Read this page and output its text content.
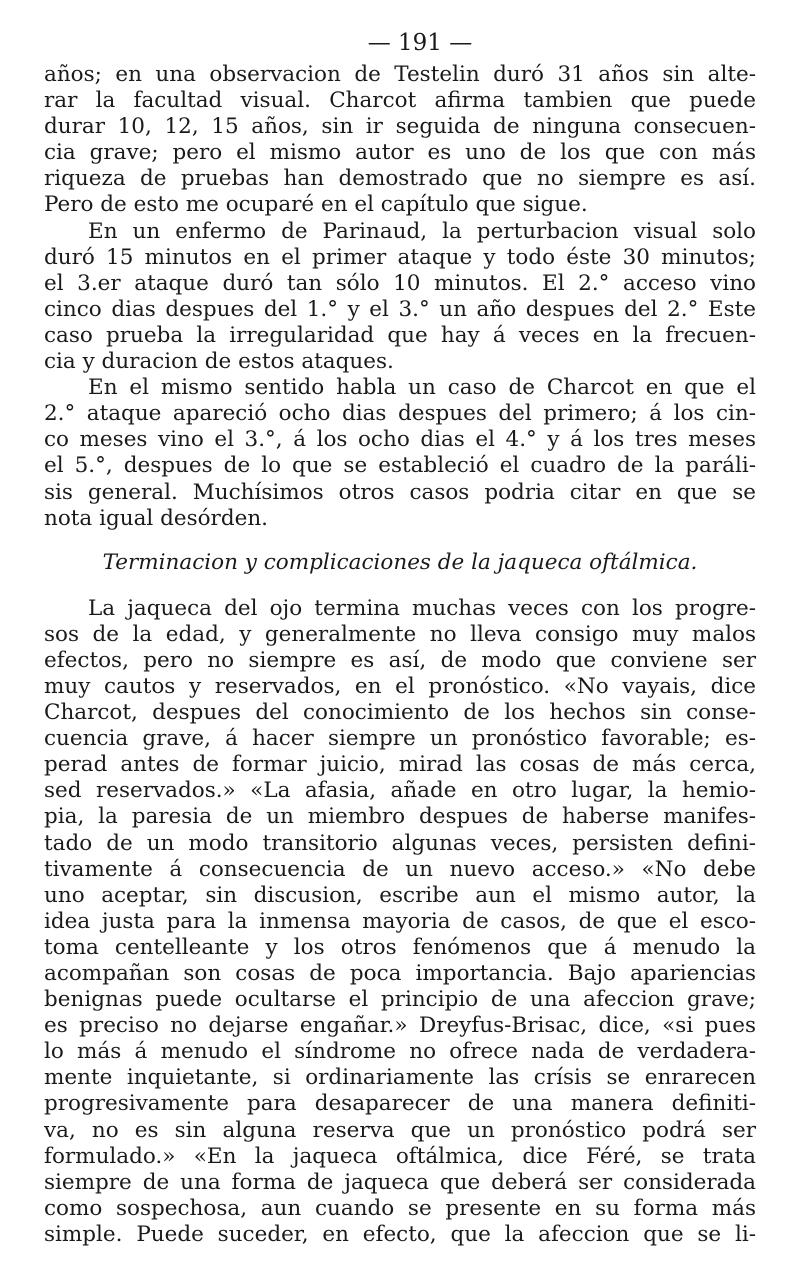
— 191 —
años; en una observacion de Testelin duró 31 años sin alte-
rar la facultad visual. Charcot afirma tambien que puede
durar 10, 12, 15 años, sin ir seguida de ninguna consecuen-
cia grave; pero el mismo autor es uno de los que con más
riqueza de pruebas han demostrado que no siempre es así.
Pero de esto me ocuparé en el capítulo que sigue.
En un enfermo de Parinaud, la perturbacion visual solo
duró 15 minutos en el primer ataque y todo éste 30 minutos;
el 3.er ataque duró tan sólo 10 minutos. El 2.° acceso vino
cinco dias despues del 1.° y el 3.° un año despues del 2.° Este
caso prueba la irregularidad que hay á veces en la frecuen-
cia y duracion de estos ataques.
En el mismo sentido habla un caso de Charcot en que el
2.° ataque apareció ocho dias despues del primero; á los cin-
co meses vino el 3.°, á los ocho dias el 4.° y á los tres meses
el 5.°, despues de lo que se estableció el cuadro de la paráli-
sis general. Muchísimos otros casos podria citar en que se
nota igual desórden.
Terminacion y complicaciones de la jaqueca oftálmica.
La jaqueca del ojo termina muchas veces con los progre-
sos de la edad, y generalmente no lleva consigo muy malos
efectos, pero no siempre es así, de modo que conviene ser
muy cautos y reservados, en el pronóstico. «No vayais, dice
Charcot, despues del conocimiento de los hechos sin conse-
cuencia grave, á hacer siempre un pronóstico favorable; es-
perad antes de formar juicio, mirad las cosas de más cerca,
sed reservados.» «La afasia, añade en otro lugar, la hemio-
pia, la paresia de un miembro despues de haberse manifes-
tado de un modo transitorio algunas veces, persisten defini-
tivamente á consecuencia de un nuevo acceso.» «No debe
uno aceptar, sin discusion, escribe aun el mismo autor, la
idea justa para la inmensa mayoria de casos, de que el esco-
toma centelleante y los otros fenómenos que á menudo la
acompañan son cosas de poca importancia. Bajo apariencias
benignas puede ocultarse el principio de una afeccion grave;
es preciso no dejarse engañar.» Dreyfus-Brisac, dice, «si pues
lo más á menudo el síndrome no ofrece nada de verdadera-
mente inquietante, si ordinariamente las crísis se enrarecen
progresivamente para desaparecer de una manera definiti-
va, no es sin alguna reserva que un pronóstico podrá ser
formulado.» «En la jaqueca oftálmica, dice Féré, se trata
siempre de una forma de jaqueca que deberá ser considerada
como sospechosa, aun cuando se presente en su forma más
simple. Puede suceder, en efecto, que la afeccion que se li-
